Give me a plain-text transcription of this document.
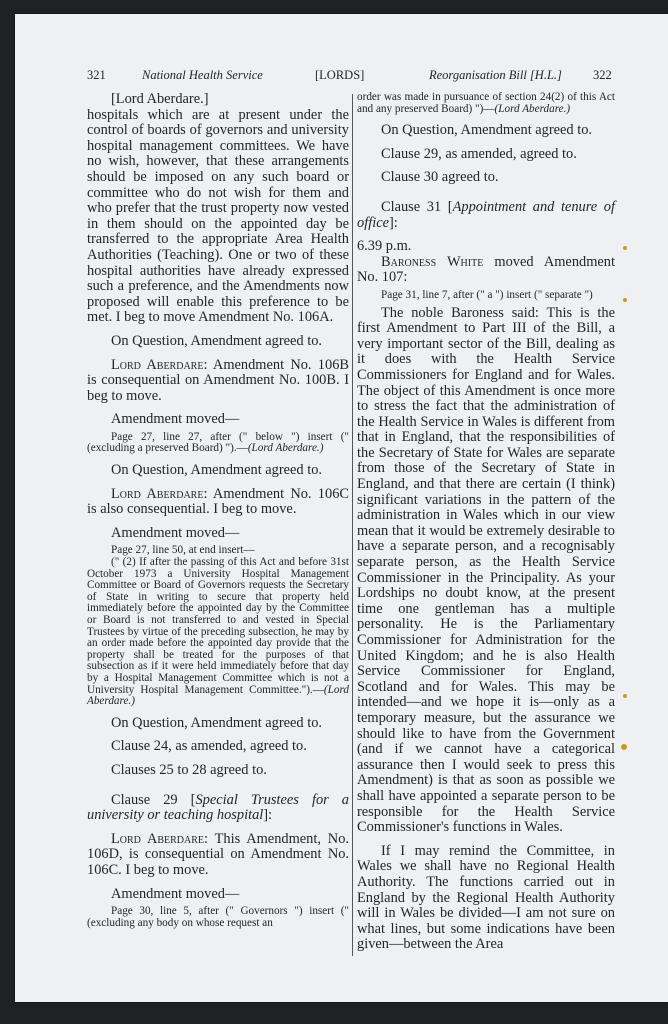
321	National Health Service	[LORDS]	Reorganisation Bill [H.L.] 322

[Lord Aberdare.]

hospitals which are at present under the control of boards of governors and university hospital management committees. We have no wish, however, that these arrangements should be imposed on any such board or committee who do not wish for them and who prefer that the trust property now vested in them should on the appointed day be transferred to the appropriate Area Health Authorities (Teaching). One or two of these hospital authorities have already expressed such a preference, and the Amendments now proposed will enable this preference to be met. I beg to move Amendment No. 106A.

On Question, Amendment agreed to.

Lord Aberdare: Amendment No. 106B is consequential on Amendment No. 100B. I beg to move.

Amendment moved—

Page 27, line 27, after (" below ") insert (" (excluding a preserved Board) ").—(Lord Aberdare.)

On Question, Amendment agreed to.

Lord Aberdare: Amendment No. 106C is also consequential. I beg to move.

Amendment moved—

Page 27, line 50, at end insert—

(" (2) If after the passing of this Act and before 31st October 1973 a University Hospital Management Committee or Board of Governors requests the Secretary of State in writing to secure that property held immediately before the appointed day by the Committee or Board is not transferred to and vested in Special Trustees by virtue of the preceding subsection, he may by an order made before the appointed day provide that the property shall be treated for the purposes of that subsection as if it were held immediately before that day by a Hospital Management Committee which is not a University Hospital Management Committee.").—(Lord Aberdare.)

On Question, Amendment agreed to.

Clause 24, as amended, agreed to.

Clauses 25 to 28 agreed to.

Clause 29 [Special Trustees for a university or teaching hospital]:

Lord Aberdare: This Amendment, No. 106D, is consequential on Amendment No. 106C. I beg to move.

Amendment moved—

Page 30, line 5, after (" Governors ") insert (" (excluding any body on whose request an

order was made in pursuance of section 24(2) of this Act and any preserved Board) ")—(Lord Aberdare.)

On Question, Amendment agreed to.

Clause 29, as amended, agreed to.

Clause 30 agreed to.

Clause 31 [Appointment and tenure of office]:

6.39 p.m.

Baroness White moved Amendment No. 107:

Page 31, line 7, after (" a ") insert (" separate ")

The noble Baroness said: This is the first Amendment to Part III of the Bill, a very important sector of the Bill, dealing as it does with the Health Service Commissioners for England and for Wales. The object of this Amendment is once more to stress the fact that the administration of the Health Service in Wales is different from that in England, that the responsibilities of the Secretary of State for Wales are separate from those of the Secretary of State in England, and that there are certain (I think) significant variations in the pattern of the administration in Wales which in our view mean that it would be extremely desirable to have a separate person, and a recognisably separate person, as the Health Service Commissioner in the Principality. As your Lordships no doubt know, at the present time one gentleman has a multiple personality. He is the Parliamentary Commissioner for Administration for the United Kingdom; and he is also Health Service Commissioner for England, Scotland and for Wales. This may be intended—and we hope it is—only as a temporary measure, but the assurance we should like to have from the Government (and if we cannot have a categorical assurance then I would seek to press this Amendment) is that as soon as possible we shall have appointed a separate person to be responsible for the Health Service Commissioner's functions in Wales.

If I may remind the Committee, in Wales we shall have no Regional Health Authority. The functions carried out in England by the Regional Health Authority will in Wales be divided—I am not sure on what lines, but some indications have been given—between the Area
